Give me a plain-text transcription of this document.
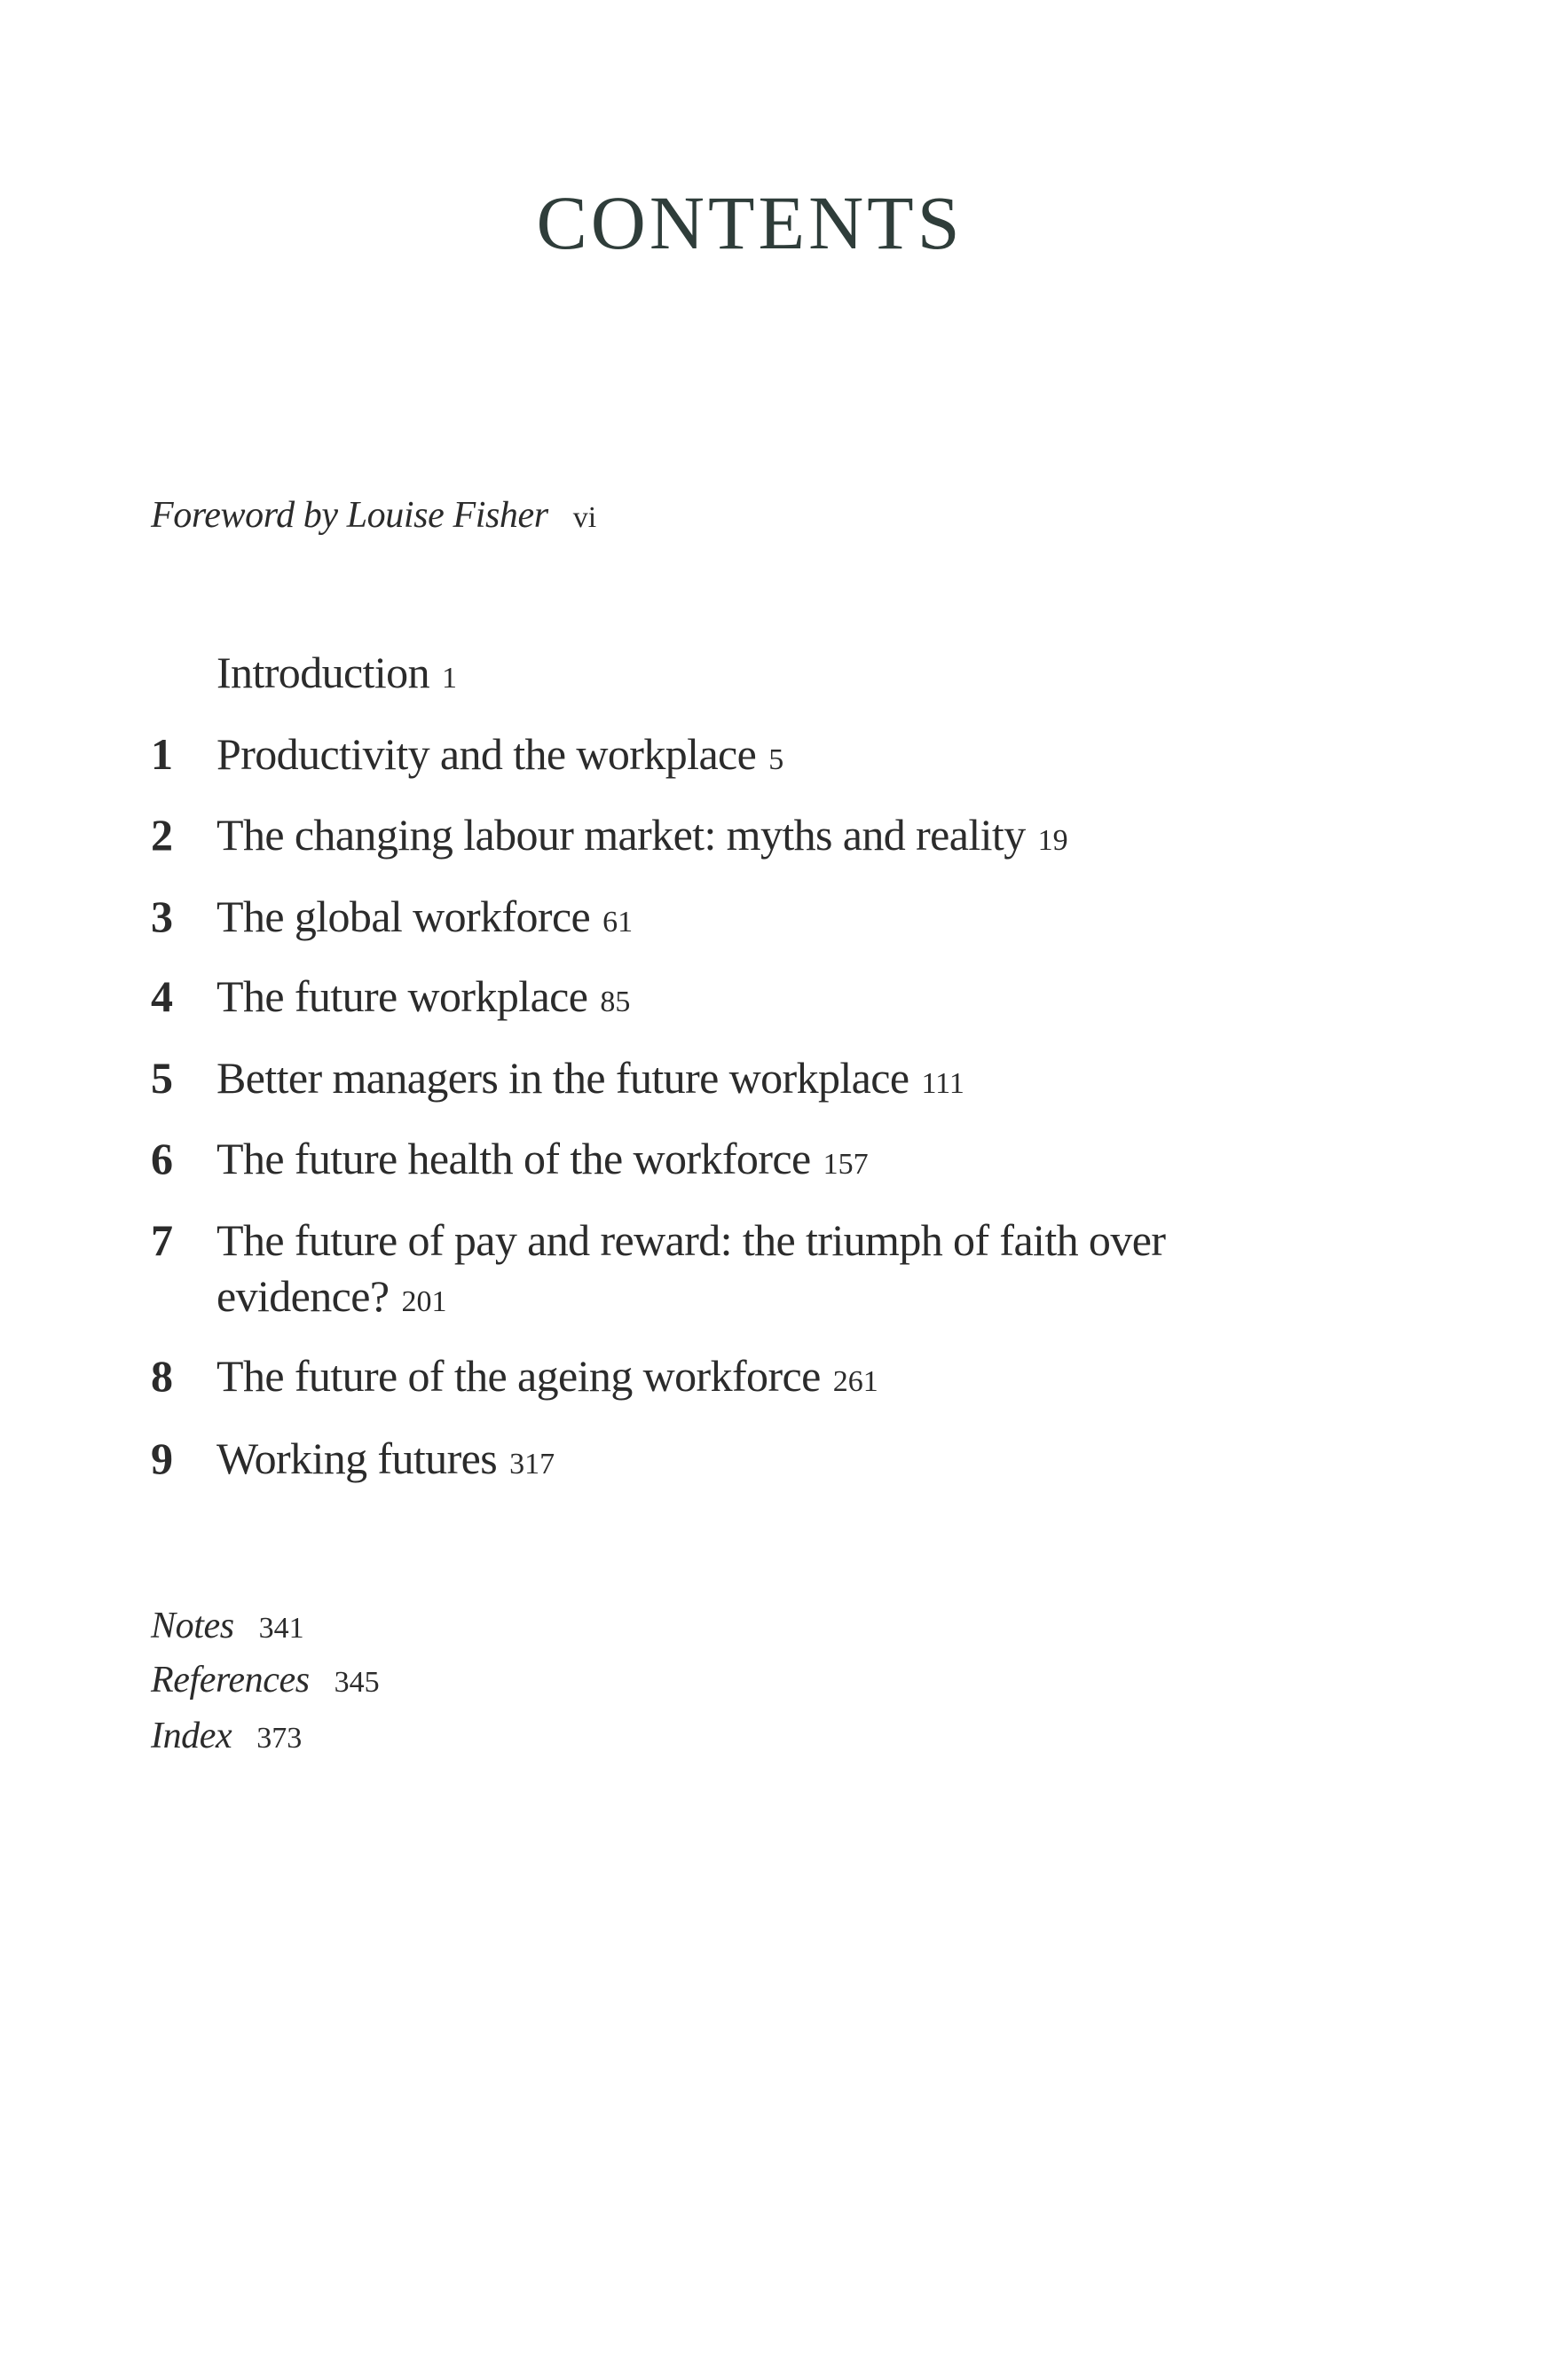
CONTENTS
Foreword by Louise Fisher vi
Introduction 1
1 Productivity and the workplace 5
2 The changing labour market: myths and reality 19
3 The global workforce 61
4 The future workplace 85
5 Better managers in the future workplace 111
6 The future health of the workforce 157
7 The future of pay and reward: the triumph of faith over
evidence? 201
8 The future of the ageing workforce 261
9 Working futures 317
Notes 341
References 345
Index 373
